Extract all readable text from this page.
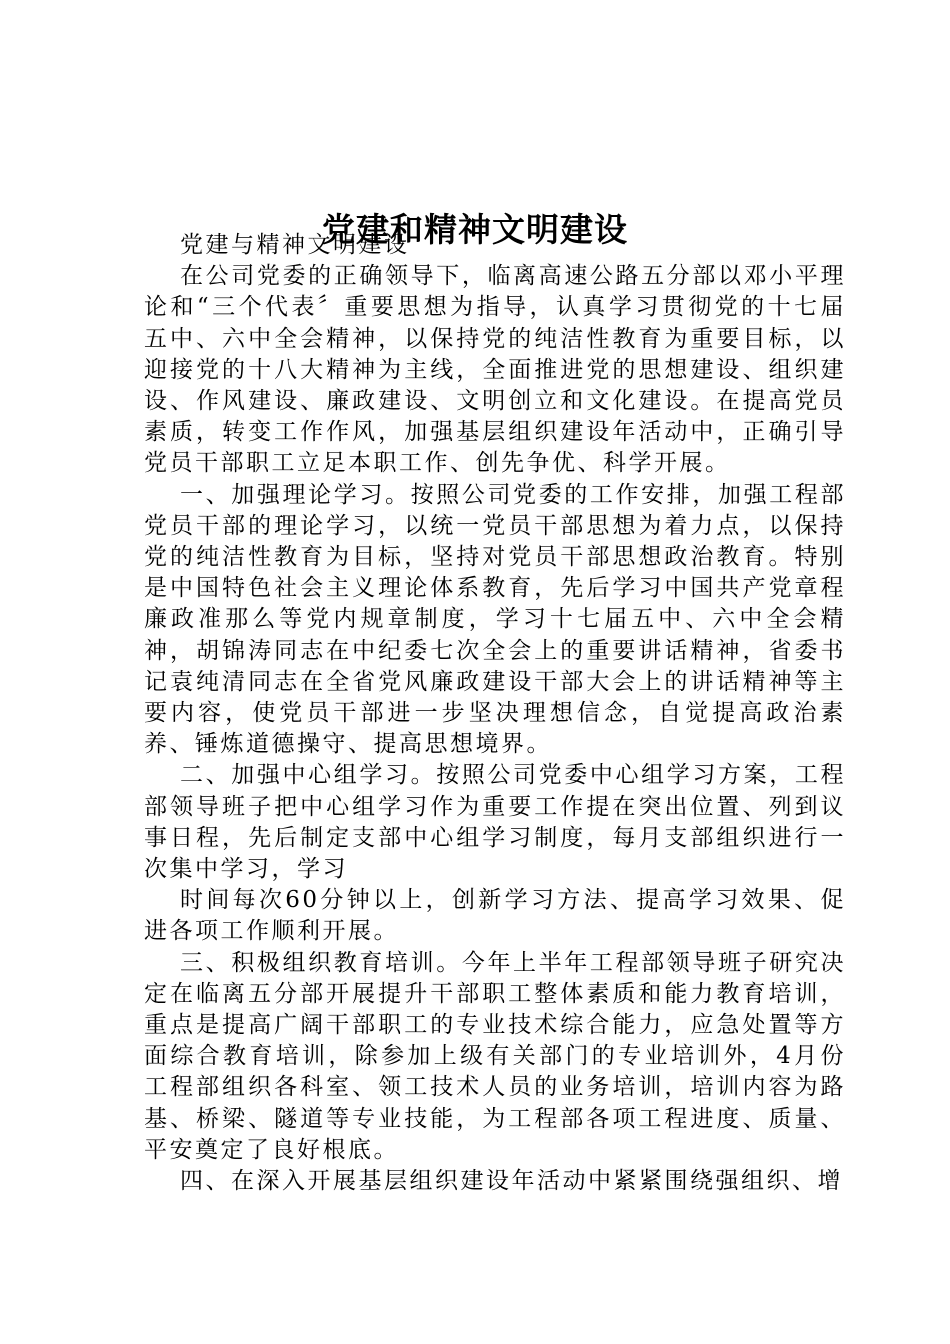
党建和精神文明建设

党建与精神文明建设

在公司党委的正确领导下，临离高速公路五分部以邓小平理论和“三个代表〞重要思想为指导，认真学习贯彻党的十七届五中、六中全会精神，以保持党的纯洁性教育为重要目标，以迎接党的十八大精神为主线，全面推进党的思想建设、组织建设、作风建设、廉政建设、文明创立和文化建设。在提高党员素质，转变工作作风，加强基层组织建设年活动中，正确引导党员干部职工立足本职工作、创先争优、科学开展。

一、加强理论学习。按照公司党委的工作安排，加强工程部党员干部的理论学习，以统一党员干部思想为着力点，以保持党的纯洁性教育为目标，坚持对党员干部思想政治教育。特别是中国特色社会主义理论体系教育，先后学习中国共产党章程廉政准那么等党内规章制度，学习十七届五中、六中全会精神，胡锦涛同志在中纪委七次全会上的重要讲话精神，省委书记袁纯清同志在全省党风廉政建设干部大会上的讲话精神等主要内容，使党员干部进一步坚决理想信念，自觉提高政治素养、锤炼道德操守、提高思想境界。

二、加强中心组学习。按照公司党委中心组学习方案，工程部领导班子把中心组学习作为重要工作提在突出位置、列到议事日程，先后制定支部中心组学习制度，每月支部组织进行一次集中学习，学习

时间每次60分钟以上，创新学习方法、提高学习效果、促进各项工作顺利开展。

三、积极组织教育培训。今年上半年工程部领导班子研究决定在临离五分部开展提升干部职工整体素质和能力教育培训，重点是提高广阔干部职工的专业技术综合能力，应急处置等方面综合教育培训，除参加上级有关部门的专业培训外，4月份工程部组织各科室、领工技术人员的业务培训，培训内容为路基、桥梁、隧道等专业技能，为工程部各项工程进度、质量、平安奠定了良好根底。

四、在深入开展基层组织建设年活动中紧紧围绕强组织、增
